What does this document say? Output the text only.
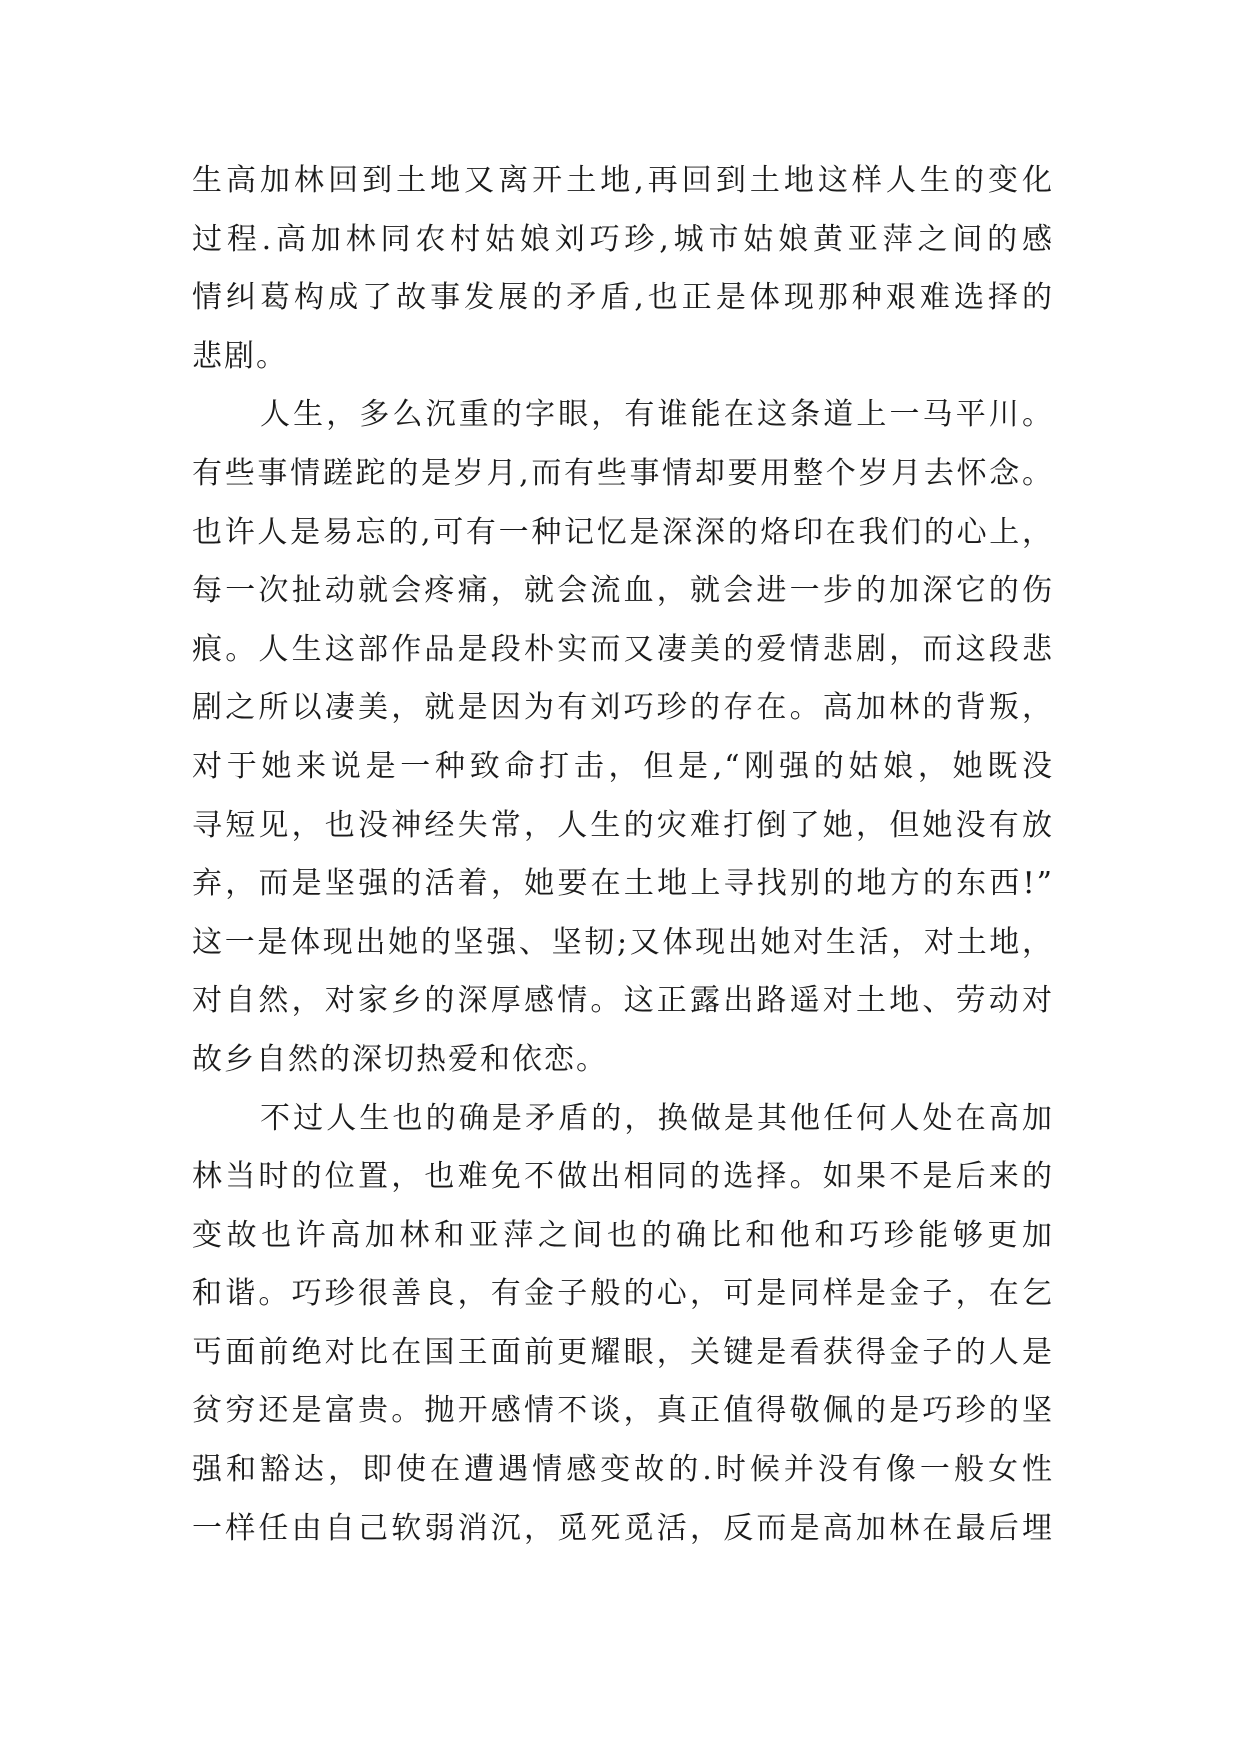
生高加林回到土地又离开土地,再回到土地这样人生的变化
过程.高加林同农村姑娘刘巧珍,城市姑娘黄亚萍之间的感
情纠葛构成了故事发展的矛盾,也正是体现那种艰难选择的
悲剧。
人生，多么沉重的字眼，有谁能在这条道上一马平川。
有些事情蹉跎的是岁月,而有些事情却要用整个岁月去怀念。
也许人是易忘的,可有一种记忆是深深的烙印在我们的心上，
每一次扯动就会疼痛，就会流血，就会进一步的加深它的伤
痕。人生这部作品是段朴实而又凄美的爱情悲剧，而这段悲
剧之所以凄美，就是因为有刘巧珍的存在。高加林的背叛，
对于她来说是一种致命打击，但是,“刚强的姑娘，她既没
寻短见，也没神经失常，人生的灾难打倒了她，但她没有放
弃，而是坚强的活着，她要在土地上寻找别的地方的东西!”
这一是体现出她的坚强、坚韧;又体现出她对生活，对土地，
对自然，对家乡的深厚感情。这正露出路遥对土地、劳动对
故乡自然的深切热爱和依恋。
不过人生也的确是矛盾的，换做是其他任何人处在高加
林当时的位置，也难免不做出相同的选择。如果不是后来的
变故也许高加林和亚萍之间也的确比和他和巧珍能够更加
和谐。巧珍很善良，有金子般的心，可是同样是金子，在乞
丐面前绝对比在国王面前更耀眼，关键是看获得金子的人是
贫穷还是富贵。抛开感情不谈，真正值得敬佩的是巧珍的坚
强和豁达，即使在遭遇情感变故的.时候并没有像一般女性
一样任由自己软弱消沉，觅死觅活，反而是高加林在最后埋
